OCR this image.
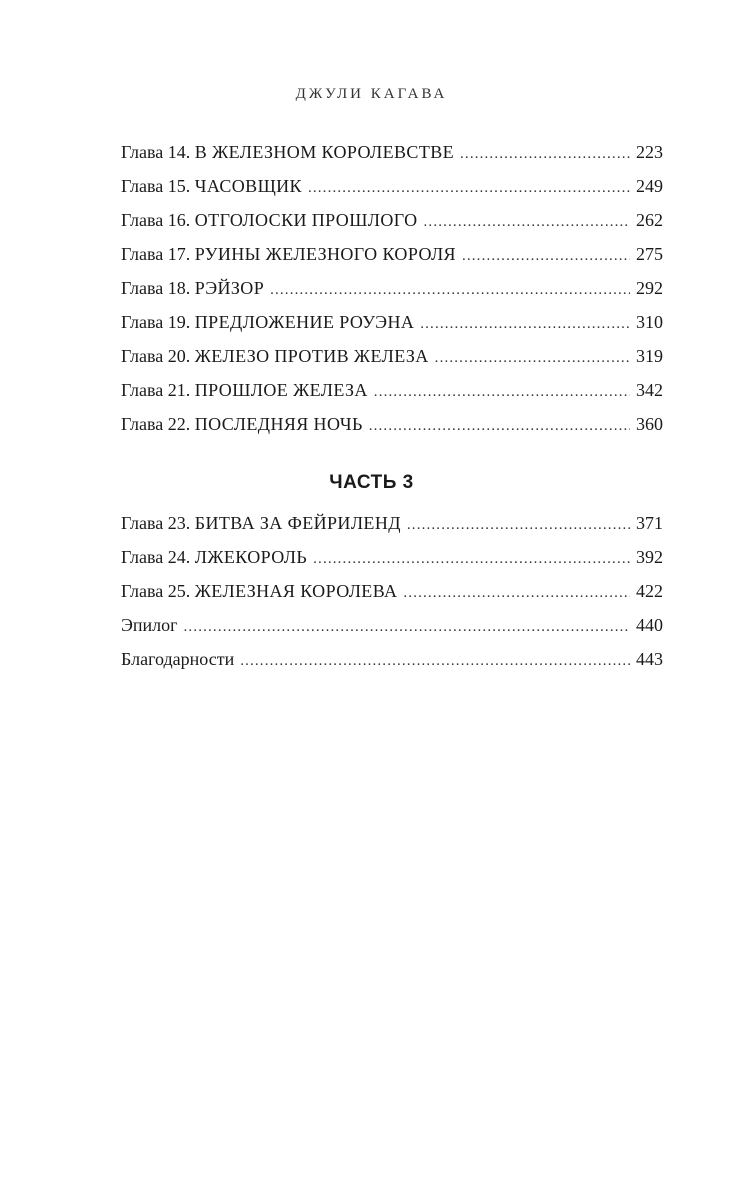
ДЖУЛИ КАГАВА
Глава 14. В ЖЕЛЕЗНОМ КОРОЛЕВСТВЕ . . .	223
Глава 15. ЧАСОВЩИК . . .	249
Глава 16. ОТГОЛОСКИ ПРОШЛОГО . . .	262
Глава 17. РУИНЫ ЖЕЛЕЗНОГО КОРОЛЯ . . .	275
Глава 18. РЭЙЗОР . . .	292
Глава 19. ПРЕДЛОЖЕНИЕ РОУЭНА . . .	310
Глава 20. ЖЕЛЕЗО ПРОТИВ ЖЕЛЕЗА . . .	319
Глава 21. ПРОШЛОЕ ЖЕЛЕЗА . . .	342
Глава 22. ПОСЛЕДНЯЯ НОЧЬ . . .	360
ЧАСТЬ 3
Глава 23. БИТВА ЗА ФЕЙРИЛЕНД . . .	371
Глава 24. ЛЖЕКОРОЛЬ . . .	392
Глава 25. ЖЕЛЕЗНАЯ КОРОЛЕВА . . .	422
Эпилог . . .	440
Благодарности . . .	443
